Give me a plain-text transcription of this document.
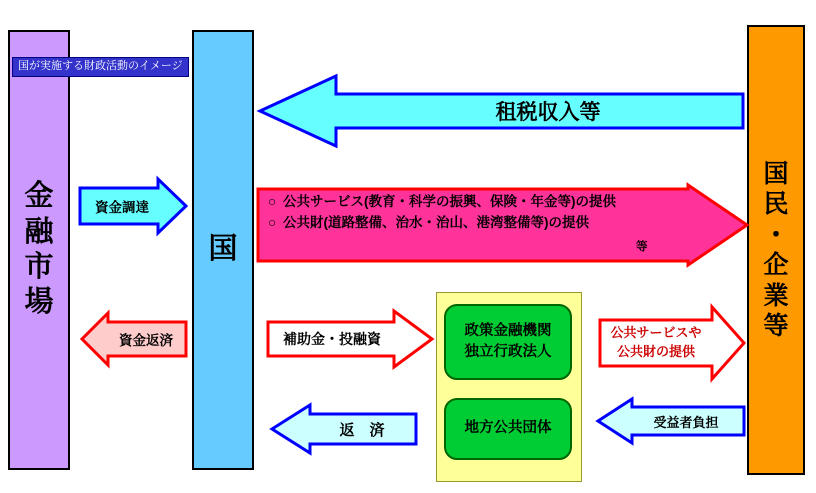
金
融
市
場
国
国
民
・
企
業
等
国が実施する財政活動のイメージ
租税収入等
○ 公共サービス(教育・科学の振興、保険・年金等)の提供
○ 公共財(道路整備、治水・治山、港湾整備等)の提供
等
資金調達
資金返済	補助金・投融資
返　済
公共サービスや
公共財の提供
受益者負担
政策金融機関
独立行政法人
地方公共団体
